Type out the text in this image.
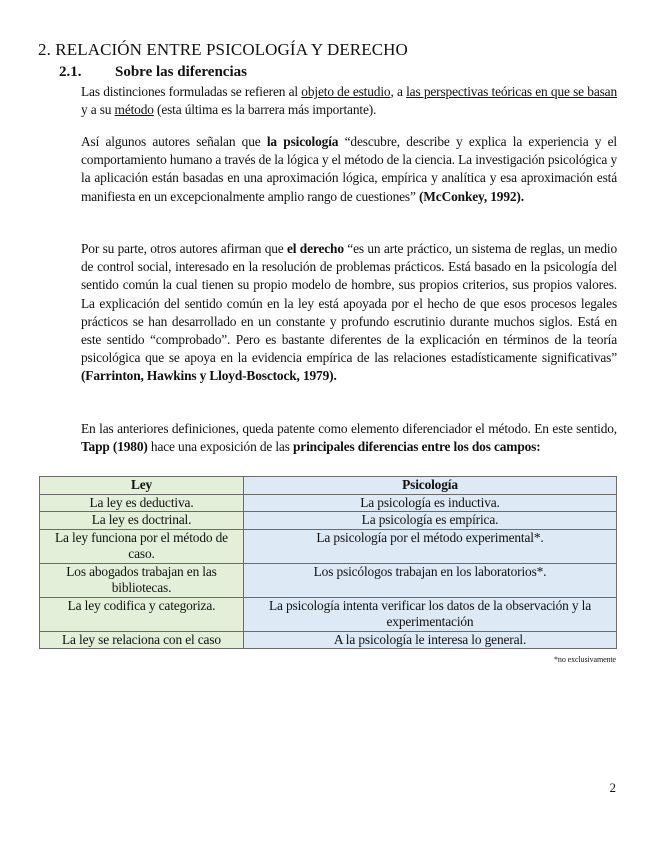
2. RELACIÓN ENTRE PSICOLOGÍA Y DERECHO
2.1. Sobre las diferencias
Las distinciones formuladas se refieren al objeto de estudio, a las perspectivas teóricas en que se basan y a su método (esta última es la barrera más importante).
Así algunos autores señalan que la psicología “descubre, describe y explica la experiencia y el comportamiento humano a través de la lógica y el método de la ciencia. La investigación psicológica y la aplicación están basadas en una aproximación lógica, empírica y analítica y esa aproximación está manifiesta en un excepcionalmente amplio rango de cuestiones” (McConkey, 1992).
Por su parte, otros autores afirman que el derecho “es un arte práctico, un sistema de reglas, un medio de control social, interesado en la resolución de problemas prácticos. Está basado en la psicología del sentido común la cual tienen su propio modelo de hombre, sus propios criterios, sus propios valores. La explicación del sentido común en la ley está apoyada por el hecho de que esos procesos legales prácticos se han desarrollado en un constante y profundo escrutinio durante muchos siglos. Está en este sentido “comprobado”. Pero es bastante diferentes de la explicación en términos de la teoría psicológica que se apoya en la evidencia empírica de las relaciones estadísticamente significativas” (Farrinton, Hawkins y Lloyd-Bosctock, 1979).
En las anteriores definiciones, queda patente como elemento diferenciador el método. En este sentido, Tapp (1980) hace una exposición de las principales diferencias entre los dos campos:
Ley	Psicología
La ley es deductiva.	La psicología es inductiva.
La ley es doctrinal.	La psicología es empírica.
La ley funciona por el método de caso.	La psicología por el método experimental*.
Los abogados trabajan en las bibliotecas.	Los psicólogos trabajan en los laboratorios*.
La ley codifica y categoriza.	La psicología intenta verificar los datos de la observación y la experimentación
La ley se relaciona con el caso	A la psicología le interesa lo general.
*no exclusivamente
2
